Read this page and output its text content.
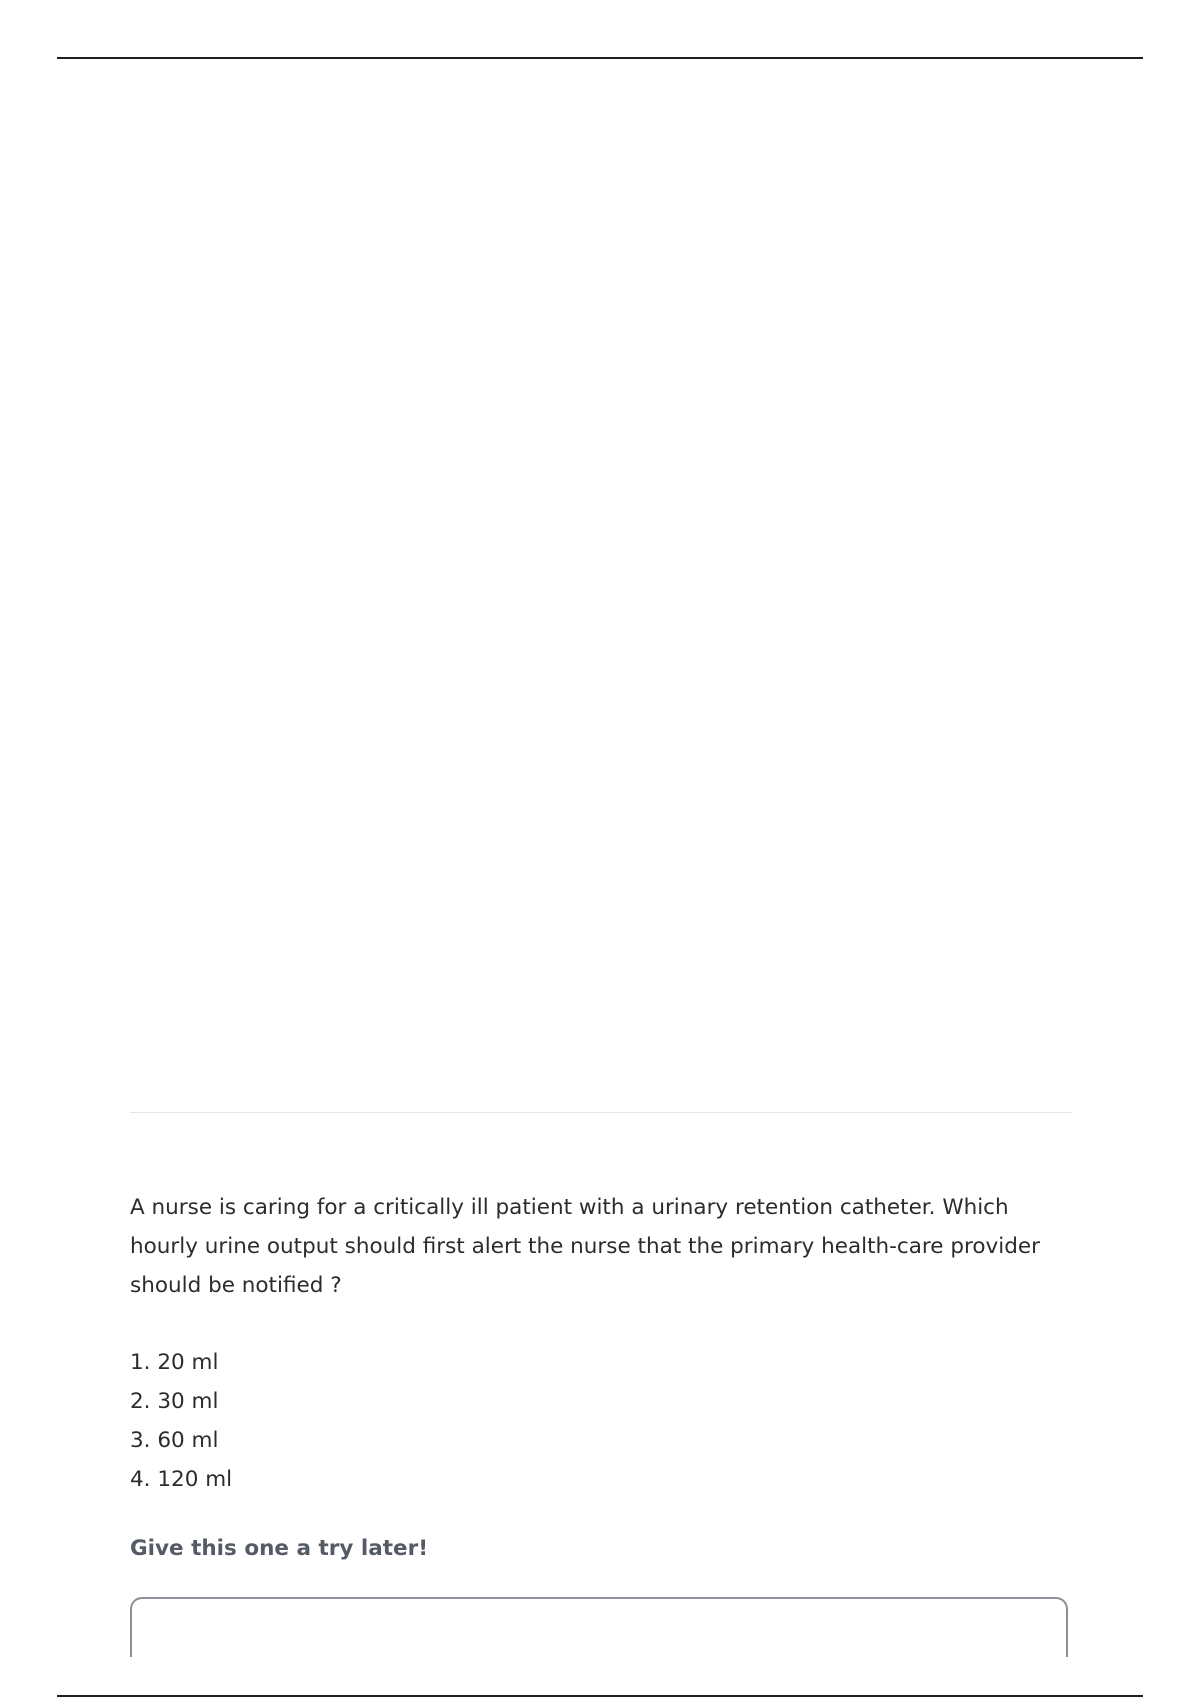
A nurse is caring for a critically ill patient with a urinary retention catheter. Which hourly urine output should first alert the nurse that the primary health-care provider should be notified ?

1. 20 ml
2. 30 ml
3. 60 ml
4. 120 ml

Give this one a try later!
